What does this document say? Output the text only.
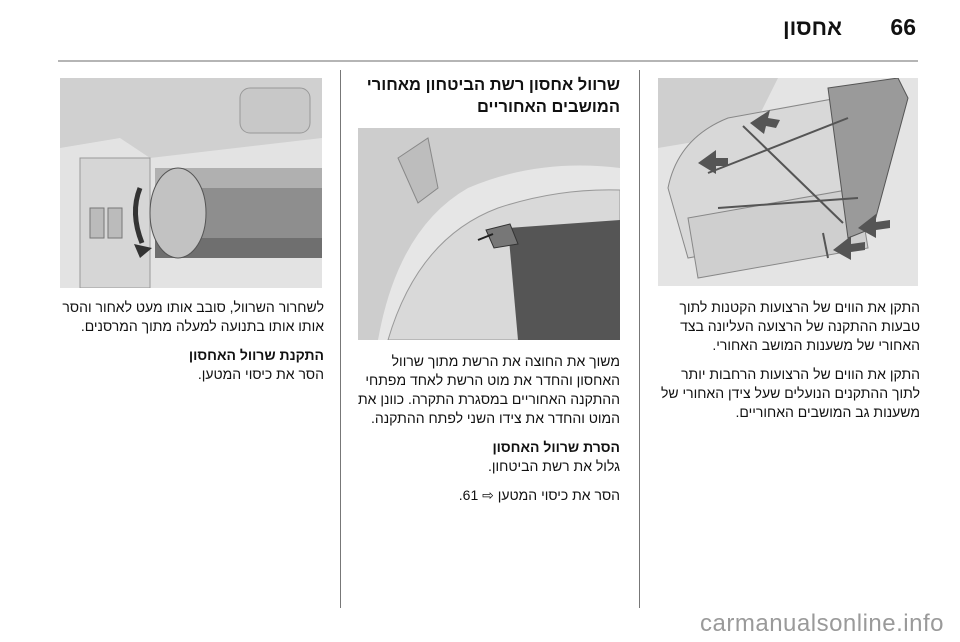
אחסון 66

התקן את הווים של הרצועות הקטנות לתוך טבעות ההתקנה של הרצועה העליונה בצד האחורי של משענות המושב האחורי.

התקן את הווים של הרצועות הרחבות יותר לתוך ההתקנים הנועלים שעל צידן האחורי של משענות גב המושבים האחוריים.

שרוול אחסון רשת הביטחון מאחורי המושבים האחוריים

משוך את החוצה את הרשת מתוך שרוול האחסון והחדר את מוט הרשת לאחד מפתחי ההתקנה האחוריים במסגרת התקרה. כוונן את המוט והחדר את צידו השני לפתח ההתקנה.

הסרת שרוול האחסון

גלול את רשת הביטחון.

הסר את כיסוי המטען ⇨ 61.

לשחרור השרוול, סובב אותו מעט לאחור והסר אותו אותו בתנועה למעלה מתוך המרסנים.

התקנת שרוול האחסון

הסר את כיסוי המטען.

carmanualsonline.info
